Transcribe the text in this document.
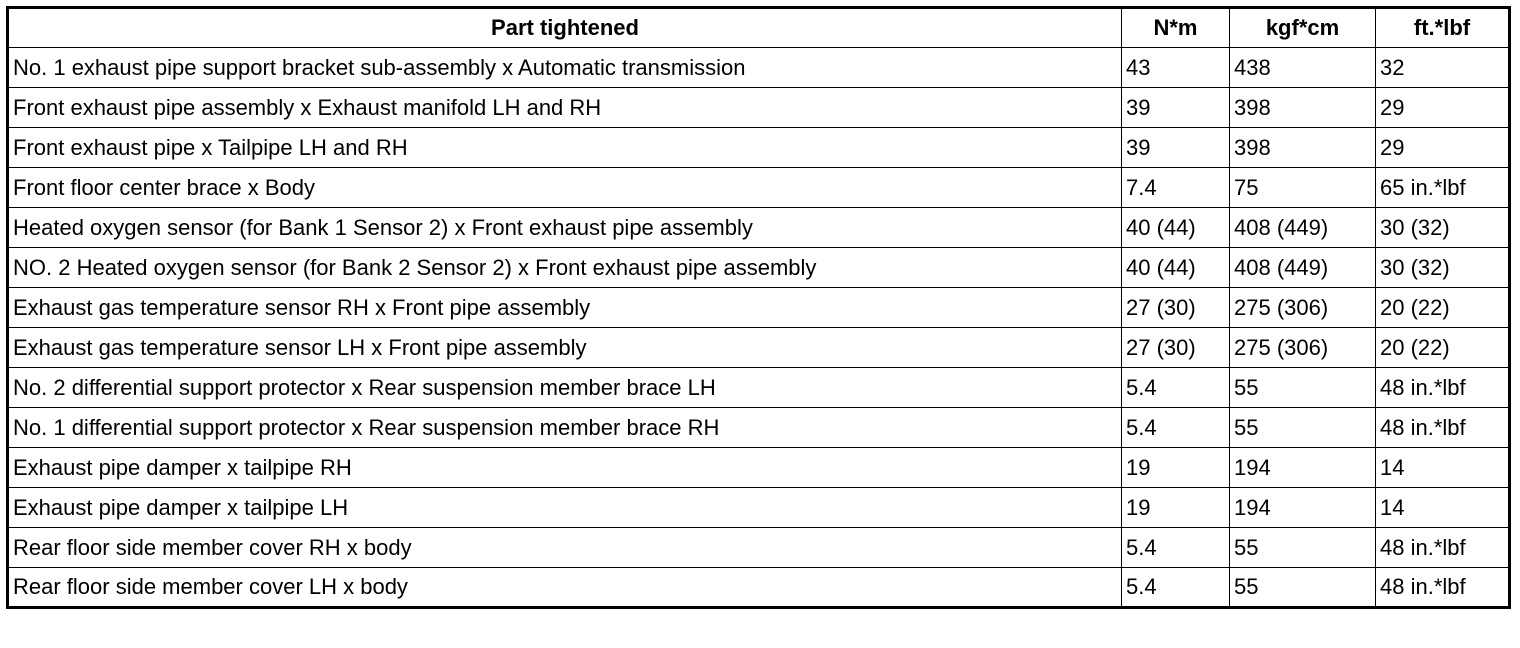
Part tightened	N*m	kgf*cm	ft.*lbf
No. 1 exhaust pipe support bracket sub-assembly x Automatic transmission	43	438	32
Front exhaust pipe assembly x Exhaust manifold LH and RH	39	398	29
Front exhaust pipe x Tailpipe LH and RH	39	398	29
Front floor center brace x Body	7.4	75	65 in.*lbf
Heated oxygen sensor (for Bank 1 Sensor 2) x Front exhaust pipe assembly	40 (44)	408 (449)	30 (32)
NO. 2 Heated oxygen sensor (for Bank 2 Sensor 2) x Front exhaust pipe assembly	40 (44)	408 (449)	30 (32)
Exhaust gas temperature sensor RH x Front pipe assembly	27 (30)	275 (306)	20 (22)
Exhaust gas temperature sensor LH x Front pipe assembly	27 (30)	275 (306)	20 (22)
No. 2 differential support protector x Rear suspension member brace LH	5.4	55	48 in.*lbf
No. 1 differential support protector x Rear suspension member brace RH	5.4	55	48 in.*lbf
Exhaust pipe damper x tailpipe RH	19	194	14
Exhaust pipe damper x tailpipe LH	19	194	14
Rear floor side member cover RH x body	5.4	55	48 in.*lbf
Rear floor side member cover LH x body	5.4	55	48 in.*lbf
